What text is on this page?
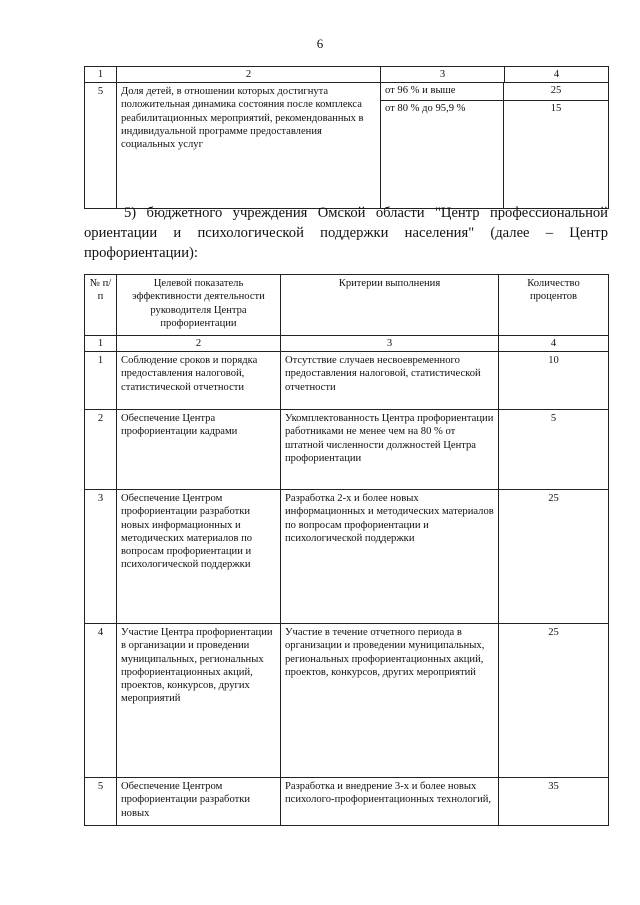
6
1	2	3	4
5	Доля детей, в отношении которых достигнута положительная динамика состояния после комплекса реабилитационных мероприятий, рекомендованных в индивидуальной программе предоставления социальных услуг	от 96 % и выше 25
от 80 % до 95,9 % 15	
5) бюджетного учреждения Омской области "Центр профессиональной ориентации и психологической поддержки населения" (далее – Центр профориентации):
№ п/п	Целевой показатель эффективности деятельности руководителя Центра профориентации	Критерии выполнения	Количество процентов
1	2	3	4
1	Соблюдение сроков и порядка предоставления налоговой, статистической отчетности	Отсутствие случаев несвоевременного предоставления налоговой, статистической отчетности	10
2	Обеспечение Центра профориентации кадрами	Укомплектованность Центра профориентации работниками не менее чем на 80 % от штатной численности должностей Центра профориентации	5
3	Обеспечение Центром профориентации разработки новых информационных и методических материалов по вопросам профориентации и психологической поддержки	Разработка 2-х и более новых информационных и методических материалов по вопросам профориентации и психологической поддержки	25
4	Участие Центра профориентации в организации и проведении муниципальных, региональных профориентационных акций, проектов, конкурсов, других мероприятий	Участие в течение отчетного периода в организации и проведении муниципальных, региональных профориентационных акций, проектов, конкурсов, других мероприятий	25
5	Обеспечение Центром профориентации разработки новых	Разработка и внедрение 3-х и более новых психолого-профориентационных технологий,	35
